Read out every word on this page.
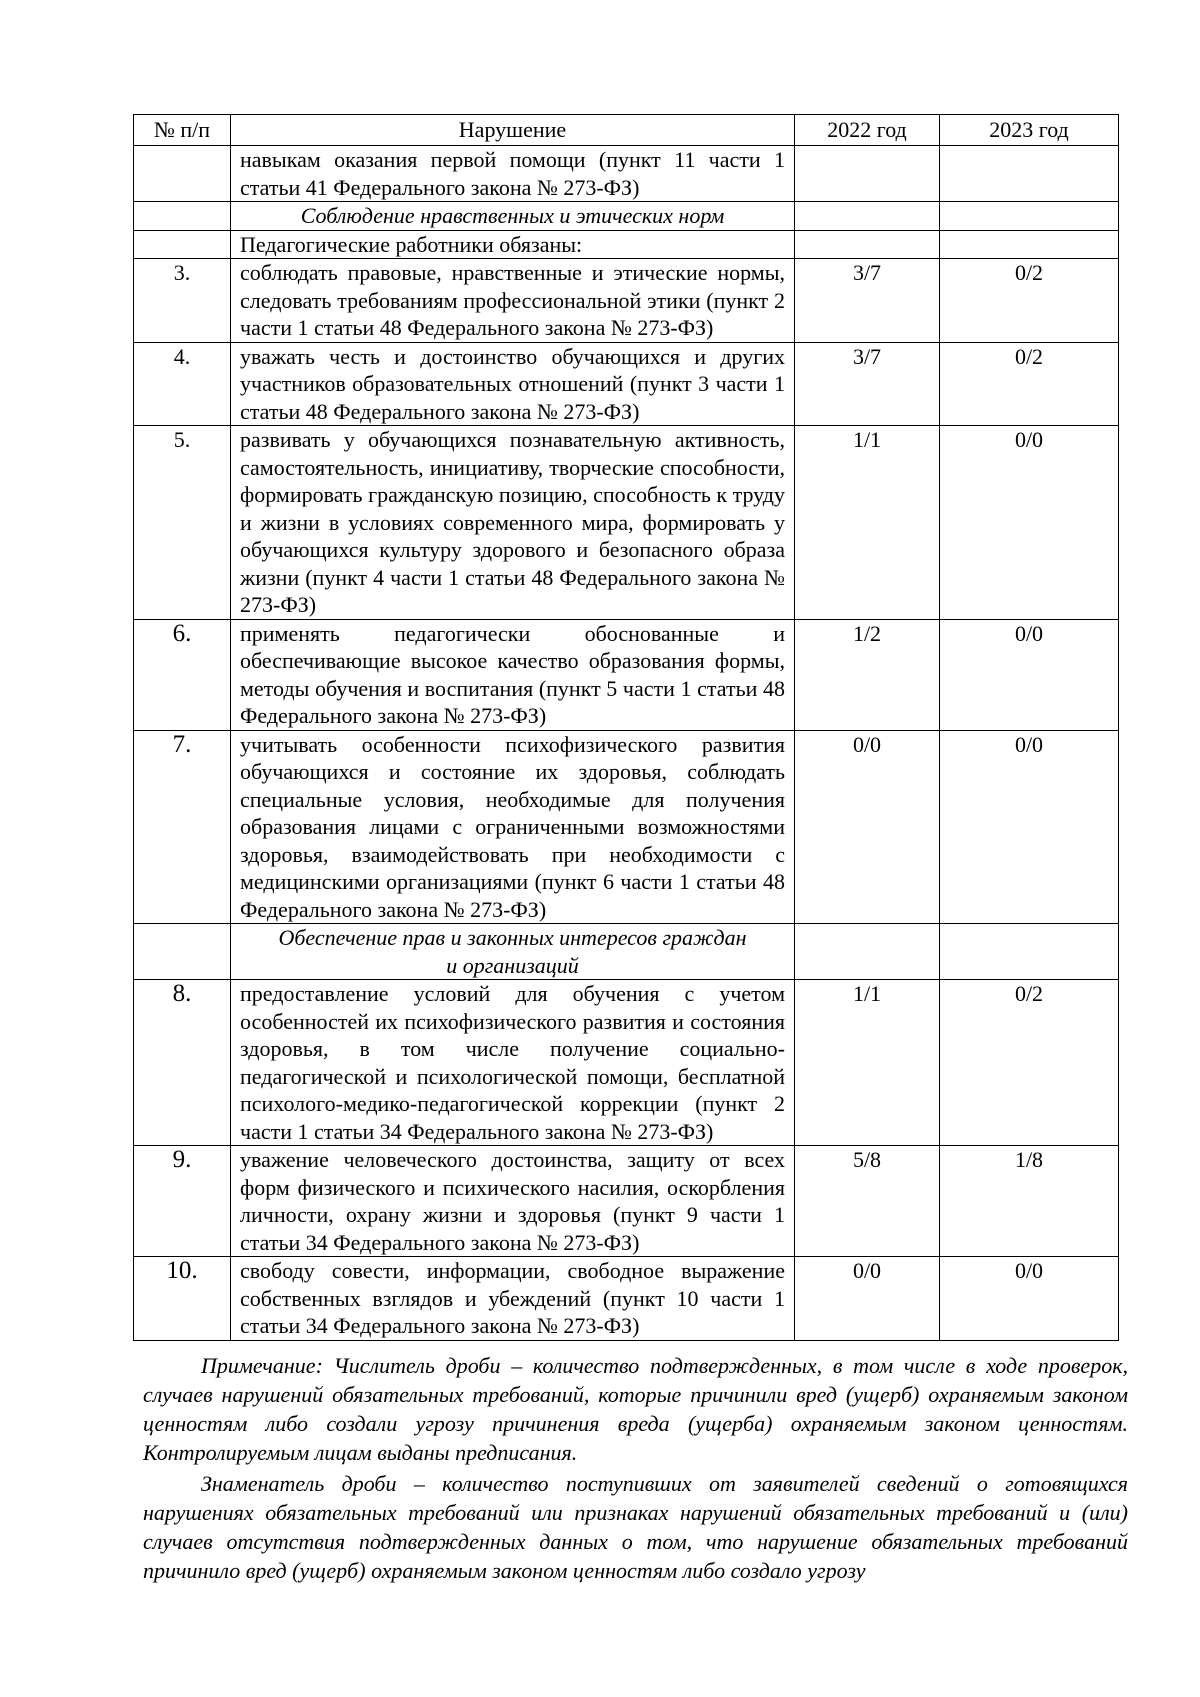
№ п/п	Нарушение	2022 год	2023 год
	навыкам оказания первой помощи (пункт 11 части 1 статьи 41 Федерального закона № 273-ФЗ)		
	Соблюдение нравственных и этических норм		
	Педагогические работники обязаны:		
3.	соблюдать правовые, нравственные и этические нормы, следовать требованиям профессиональной этики (пункт 2 части 1 статьи 48 Федерального закона № 273-ФЗ)	3/7	0/2
4.	уважать честь и достоинство обучающихся и других участников образовательных отношений (пункт 3 части 1 статьи 48 Федерального закона № 273-ФЗ)	3/7	0/2
5.	развивать у обучающихся познавательную активность, самостоятельность, инициативу, творческие способности, формировать гражданскую позицию, способность к труду и жизни в условиях современного мира, формировать у обучающихся культуру здорового и безопасного образа жизни (пункт 4 части 1 статьи 48 Федерального закона № 273-ФЗ)	1/1	0/0
6.	применять педагогически обоснованные и обеспечивающие высокое качество образования формы, методы обучения и воспитания (пункт 5 части 1 статьи 48 Федерального закона № 273-ФЗ)	1/2	0/0
7.	учитывать особенности психофизического развития обучающихся и состояние их здоровья, соблюдать специальные условия, необходимые для получения образования лицами с ограниченными возможностями здоровья, взаимодействовать при необходимости с медицинскими организациями (пункт 6 части 1 статьи 48 Федерального закона № 273-ФЗ)	0/0	0/0
	Обеспечение прав и законных интересов граждан и организаций		
8.	предоставление условий для обучения с учетом особенностей их психофизического развития и состояния здоровья, в том числе получение социально-педагогической и психологической помощи, бесплатной психолого-медико-педагогической коррекции (пункт 2 части 1 статьи 34 Федерального закона № 273-ФЗ)	1/1	0/2
9.	уважение человеческого достоинства, защиту от всех форм физического и психического насилия, оскорбления личности, охрану жизни и здоровья (пункт 9 части 1 статьи 34 Федерального закона № 273-ФЗ)	5/8	1/8
10.	свободу совести, информации, свободное выражение собственных взглядов и убеждений (пункт 10 части 1 статьи 34 Федерального закона № 273-ФЗ)	0/0	0/0

Примечание: Числитель дроби – количество подтвержденных, в том числе в ходе проверок, случаев нарушений обязательных требований, которые причинили вред (ущерб) охраняемым законом ценностям либо создали угрозу причинения вреда (ущерба) охраняемым законом ценностям. Контролируемым лицам выданы предписания.

Знаменатель дроби – количество поступивших от заявителей сведений о готовящихся нарушениях обязательных требований или признаках нарушений обязательных требований и (или) случаев отсутствия подтвержденных данных о том, что нарушение обязательных требований причинило вред (ущерб) охраняемым законом ценностям либо создало угрозу
